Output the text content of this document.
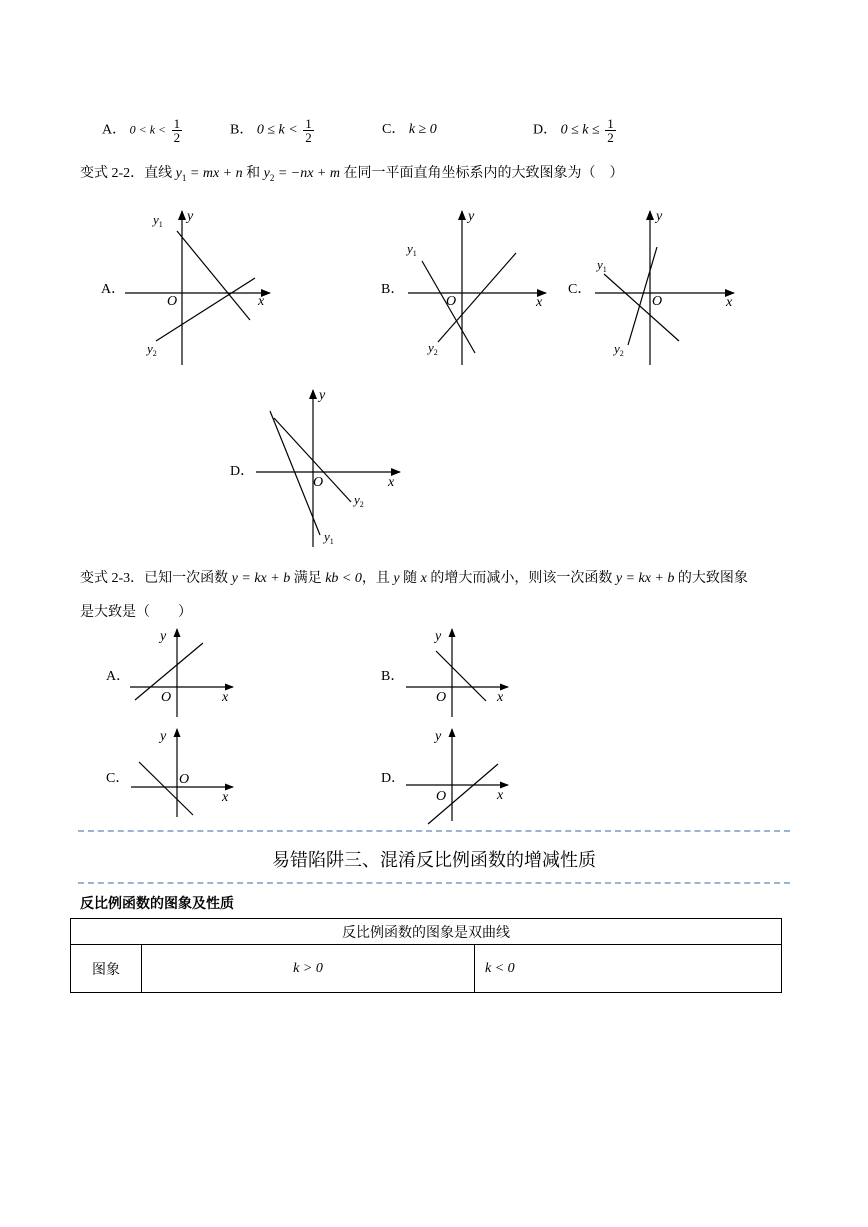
A． $0 < k < \frac{1}{2}$	B． $0 \le k < \frac{1}{2}$	C． k ≥ 0	D． $0 \le k \le \frac{1}{2}$
变式 2-2．直线 $y_1$ = mx + n 和 $y_2 = -nx + m$ 在同一平面直角坐标系内的大致图象为（　）
A．	B．	C．
D．
y
x
O
$y_1$
$y_2$
y
x
O
$y_1$
$y_2$
y
x
O
$y_1$
$y_2$
y
x
O
$y_1$
$y_2$
变式 2-3．已知一次函数 y = kx + b 满足 kb < 0，且 y 随 x 的增大而减小，则该一次函数 y = kx + b 的大致图象
是大致是（　　）
A．	B．
C．	D．
y
x
O
y
x
O
y
x
O
y
x
O
易错陷阱三、混淆反比例函数的增减性质
反比例函数的图象及性质
反比例函数的图象是双曲线
图象	k > 0	k < 0
